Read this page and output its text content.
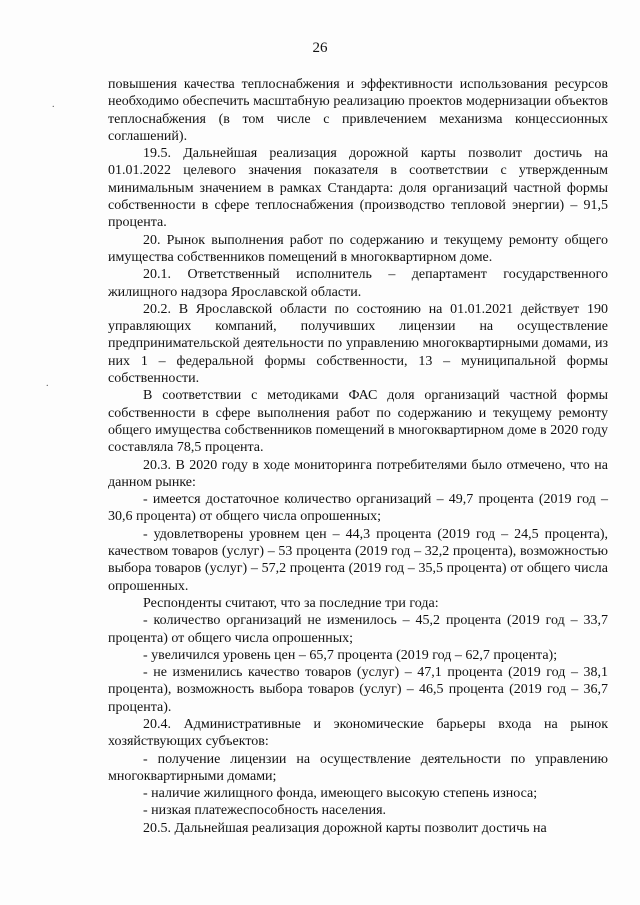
26
.
.

повышения качества теплоснабжения и эффективности использования ресурсов необходимо обеспечить масштабную реализацию проектов модернизации объектов теплоснабжения (в том числе с привлечением механизма концессионных соглашений).

19.5. Дальнейшая реализация дорожной карты позволит достичь на 01.01.2022 целевого значения показателя в соответствии с утвержденным минимальным значением в рамках Стандарта: доля организаций частной формы собственности в сфере теплоснабжения (производство тепловой энергии) – 91,5 процента.

20. Рынок выполнения работ по содержанию и текущему ремонту общего имущества собственников помещений в многоквартирном доме.

20.1. Ответственный исполнитель – департамент государственного жилищного надзора Ярославской области.

20.2. В Ярославской области по состоянию на 01.01.2021 действует 190 управляющих компаний, получивших лицензии на осуществление предпринимательской деятельности по управлению многоквартирными домами, из них 1 – федеральной формы собственности, 13 – муниципальной формы собственности.

В соответствии с методиками ФАС доля организаций частной формы собственности в сфере выполнения работ по содержанию и текущему ремонту общего имущества собственников помещений в многоквартирном доме в 2020 году составляла 78,5 процента.

20.3. В 2020 году в ходе мониторинга потребителями было отмечено, что на данном рынке:

- имеется достаточное количество организаций – 49,7 процента (2019 год – 30,6 процента) от общего числа опрошенных;

- удовлетворены уровнем цен – 44,3 процента (2019 год – 24,5 процента), качеством товаров (услуг) – 53 процента (2019 год – 32,2 процента), возможностью выбора товаров (услуг) – 57,2 процента (2019 год – 35,5 процента) от общего числа опрошенных.

Респонденты считают, что за последние три года:

- количество организаций не изменилось – 45,2 процента (2019 год – 33,7 процента) от общего числа опрошенных;

- увеличился уровень цен – 65,7 процента (2019 год – 62,7 процента);

- не изменились качество товаров (услуг) – 47,1 процента (2019 год – 38,1 процента), возможность выбора товаров (услуг) – 46,5 процента (2019 год – 36,7 процента).

20.4. Административные и экономические барьеры входа на рынок хозяйствующих субъектов:

- получение лицензии на осуществление деятельности по управлению многоквартирными домами;

- наличие жилищного фонда, имеющего высокую степень износа;

- низкая платежеспособность населения.

20.5. Дальнейшая реализация дорожной карты позволит достичь на
